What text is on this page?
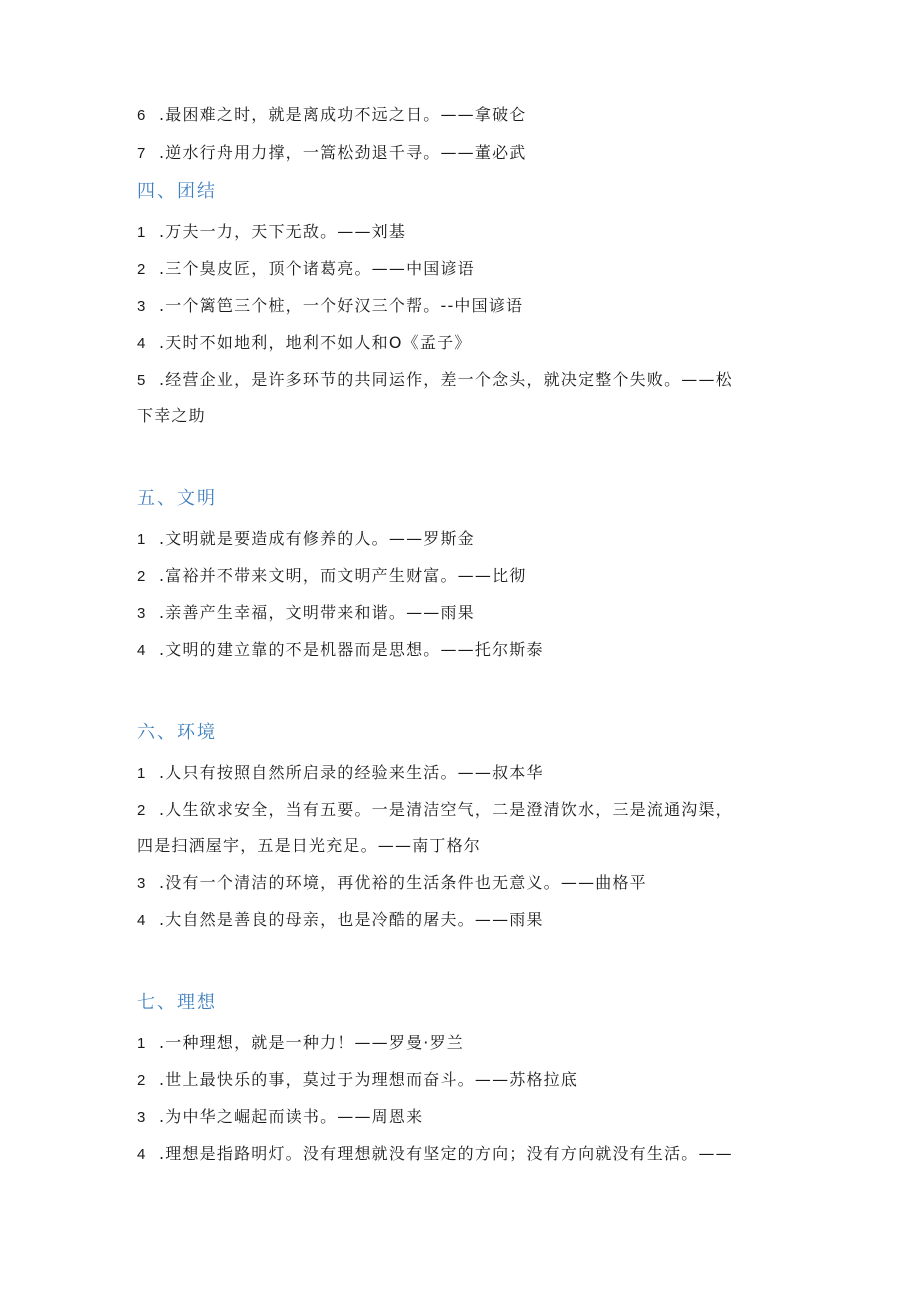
6 .最困难之时，就是离成功不远之日。——拿破仑
7 .逆水行舟用力撑，一篙松劲退千寻。——董必武
四、团结
1 .万夫一力，天下无敌。——刘基
2 .三个臭皮匠，顶个诸葛亮。——中国谚语
3 .一个篱笆三个桩，一个好汉三个帮。--中国谚语
4 .天时不如地利，地利不如人和O《孟子》
5 .经营企业，是许多环节的共同运作，差一个念头，就决定整个失败。——松
下幸之助
五、文明
1 .文明就是要造成有修养的人。——罗斯金
2 .富裕并不带来文明，而文明产生财富。——比彻
3 .亲善产生幸福，文明带来和谐。——雨果
4 .文明的建立靠的不是机器而是思想。——托尔斯泰
六、环境
1 .人只有按照自然所启录的经验来生活。——叔本华
2 .人生欲求安全，当有五要。一是清洁空气，二是澄清饮水，三是流通沟渠，
四是扫洒屋宇，五是日光充足。——南丁格尔
3 .没有一个清洁的环境，再优裕的生活条件也无意义。——曲格平
4 .大自然是善良的母亲，也是冷酷的屠夫。——雨果
七、理想
1 .一种理想，就是一种力！——罗曼·罗兰
2 .世上最快乐的事，莫过于为理想而奋斗。——苏格拉底
3 .为中华之崛起而读书。——周恩来
4 .理想是指路明灯。没有理想就没有坚定的方向；没有方向就没有生活。——
